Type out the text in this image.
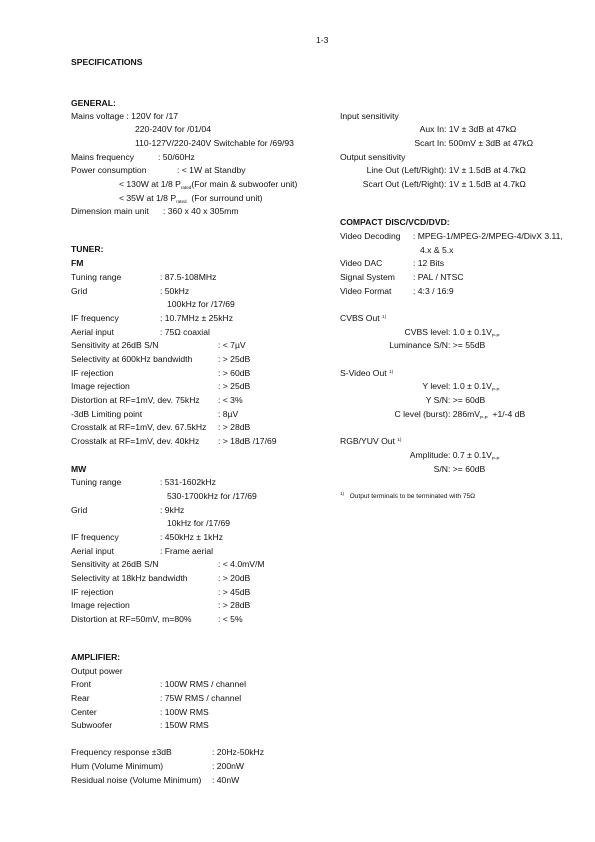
1-3
SPECIFICATIONS
GENERAL:
Mains voltage : 120V for /17
220-240V for /01/04
110-127V/220-240V Switchable for /69/93
Mains frequency	: 50/60Hz
Power consumption	: < 1W at Standby
< 130W at 1/8 $P_{rated}(For$ main & subwoofer unit)
< 35W at 1/8 $P_{rated}$ (For surround unit)
Dimension main unit : 360 x 40 x 305mm
TUNER:
FM
Tuning range	: 87.5-108MHz
Grid	: 50kHz
100kHz for /17/69
IF frequency	: 10.7MHz ± 25kHz
Aerial input	: 75Ω coaxial
Sensitivity at 26dB S/N	: < 7µV
Selectivity at 600kHz bandwidth	: > 25dB
IF rejection	: > 60dB
Image rejection	: > 25dB
Distortion at RF=1mV, dev. 75kHz : < 3%
-3dB Limiting point	: 8µV
Crosstalk at RF=1mV, dev. 67.5kHz : > 28dB
Crosstalk at RF=1mV, dev. 40kHz : > 18dB /17/69
MW
Tuning range	: 531-1602kHz
530-1700kHz for /17/69
Grid	: 9kHz
10kHz for /17/69
IF frequency	: 450kHz ± 1kHz
Aerial input	: Frame aerial
Sensitivity at 26dB S/N	: < 4.0mV/M
Selectivity at 18kHz bandwidth	: > 20dB
IF rejection	: > 45dB
Image rejection	: > 28dB
Distortion at RF=50mV, m=80%	: < 5%
AMPLIFIER:
Output power
Front	: 100W RMS / channel
Rear	: 75W RMS / channel
Center	: 100W RMS
Subwoofer	: 150W RMS
Frequency response ±3dB	: 20Hz-50kHz
Hum (Volume Minimum)	: 200nW
Residual noise (Volume Minimum) : 40nW
Input sensitivity
Aux In : 1V ± 3dB at 47kΩ
Scart In : 500mV ± 3dB at 47kΩ
Output sensitivity
Line Out (Left/Right) : 1V ± 1.5dB at 4.7kΩ
Scart Out (Left/Right) : 1V ± 1.5dB at 4.7kΩ
COMPACT DISC/VCD/DVD:
Video Decoding : MPEG-1/MPEG-2/MPEG-4/DivX 3.11,
4.x & 5.x
Video DAC	: 12 Bits
Signal System : PAL / NTSC
Video Format	: 4:3 / 16:9
CVBS Out $^{1)}$
CVBS level : $1.0 \pm 0.1V_{P-P}$
Luminance S/N : >= 55dB
S-Video Out $^{1)}$
Y level : $1.0 \pm 0.1V_{P-P}$
Y S/N : >= 60dB
C level (burst) : $286mV_{P-P} +1/-4$ dB
RGB/YUV Out $^{1)}$
Amplitude : $0.7 \pm 0.1V_{P-P}$
S/N : >= 60dB
$^{1)}$ Output terminals to be terminated with 75Ω
